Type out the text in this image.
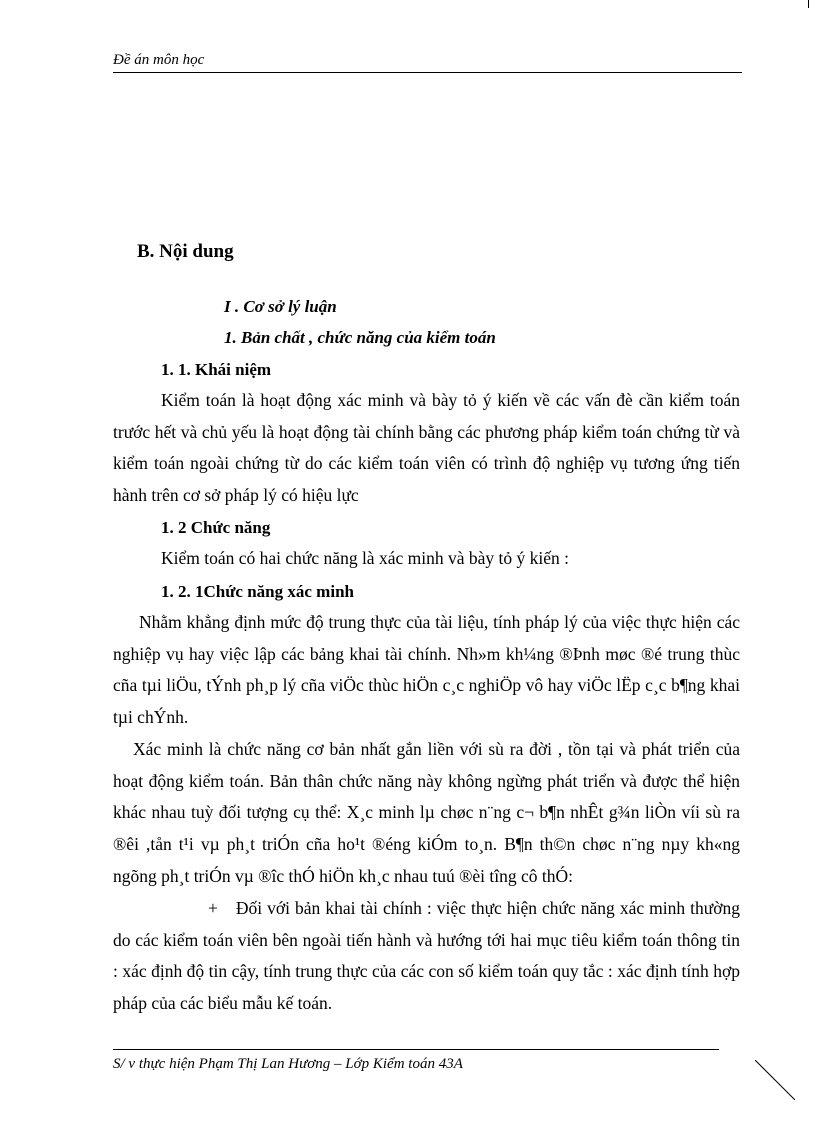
Đề án môn học
B. Nội dung
I . Cơ sở lý luận
1. Bản chất , chức năng của kiểm toán
1. 1. Khái niệm
Kiểm toán là hoạt động xác minh và bày tỏ ý kiến về các vấn đè cần kiểm toán trước hết và chủ yếu là hoạt động tài chính bằng các phương pháp kiểm toán chứng từ và kiểm toán ngoài chứng từ do các kiểm toán viên có trình độ nghiệp vụ tương ứng tiến hành trên cơ sở pháp lý có hiệu lực
1. 2 Chức năng
Kiểm toán có hai chức năng là xác minh và bày tỏ ý kiến :
1. 2. 1Chức năng xác minh
Nhằm khẳng định mức độ trung thực của tài liệu, tính pháp lý của việc thực hiện các nghiệp vụ hay việc lập các bảng khai tài chính. Nh»m kh¼ng ®Þnh møc ®é trung thùc cña tµi liÖu, tÝnh ph¸p lý cña viÖc thùc hiÖn c¸c nghiÖp vô hay viÖc lËp c¸c b¶ng khai tµi chÝnh.
Xác minh là chức năng cơ bản nhất gắn liền với sù ra đời , tồn tại và phát triển của hoạt động kiểm toán. Bản thân chức năng này không ngừng phát triển và được thể hiện khác nhau tuỳ đối tượng cụ thể: X¸c minh lµ chøc n¨ng c¬ b¶n nhÊt g¾n liÒn víi sù ra ®êi ,tån t¹i vµ ph¸t triÓn cña ho¹t ®éng kiÓm to¸n. B¶n th©n chøc n¨ng nµy kh«ng ngõng ph¸t triÓn vµ ®îc thÓ hiÖn kh¸c nhau tuú ®èi tîng cô thÓ:
+ Đối với bản khai tài chính : việc thực hiện chức năng xác minh thường do các kiểm toán viên bên ngoài tiến hành và hướng tới hai mục tiêu kiểm toán thông tin : xác định độ tin cậy, tính trung thực của các con số kiểm toán quy tắc : xác định tính hợp pháp của các biểu mẫu kế toán.
S/ v thực hiện Phạm Thị Lan Hương – Lớp Kiểm toán 43A
